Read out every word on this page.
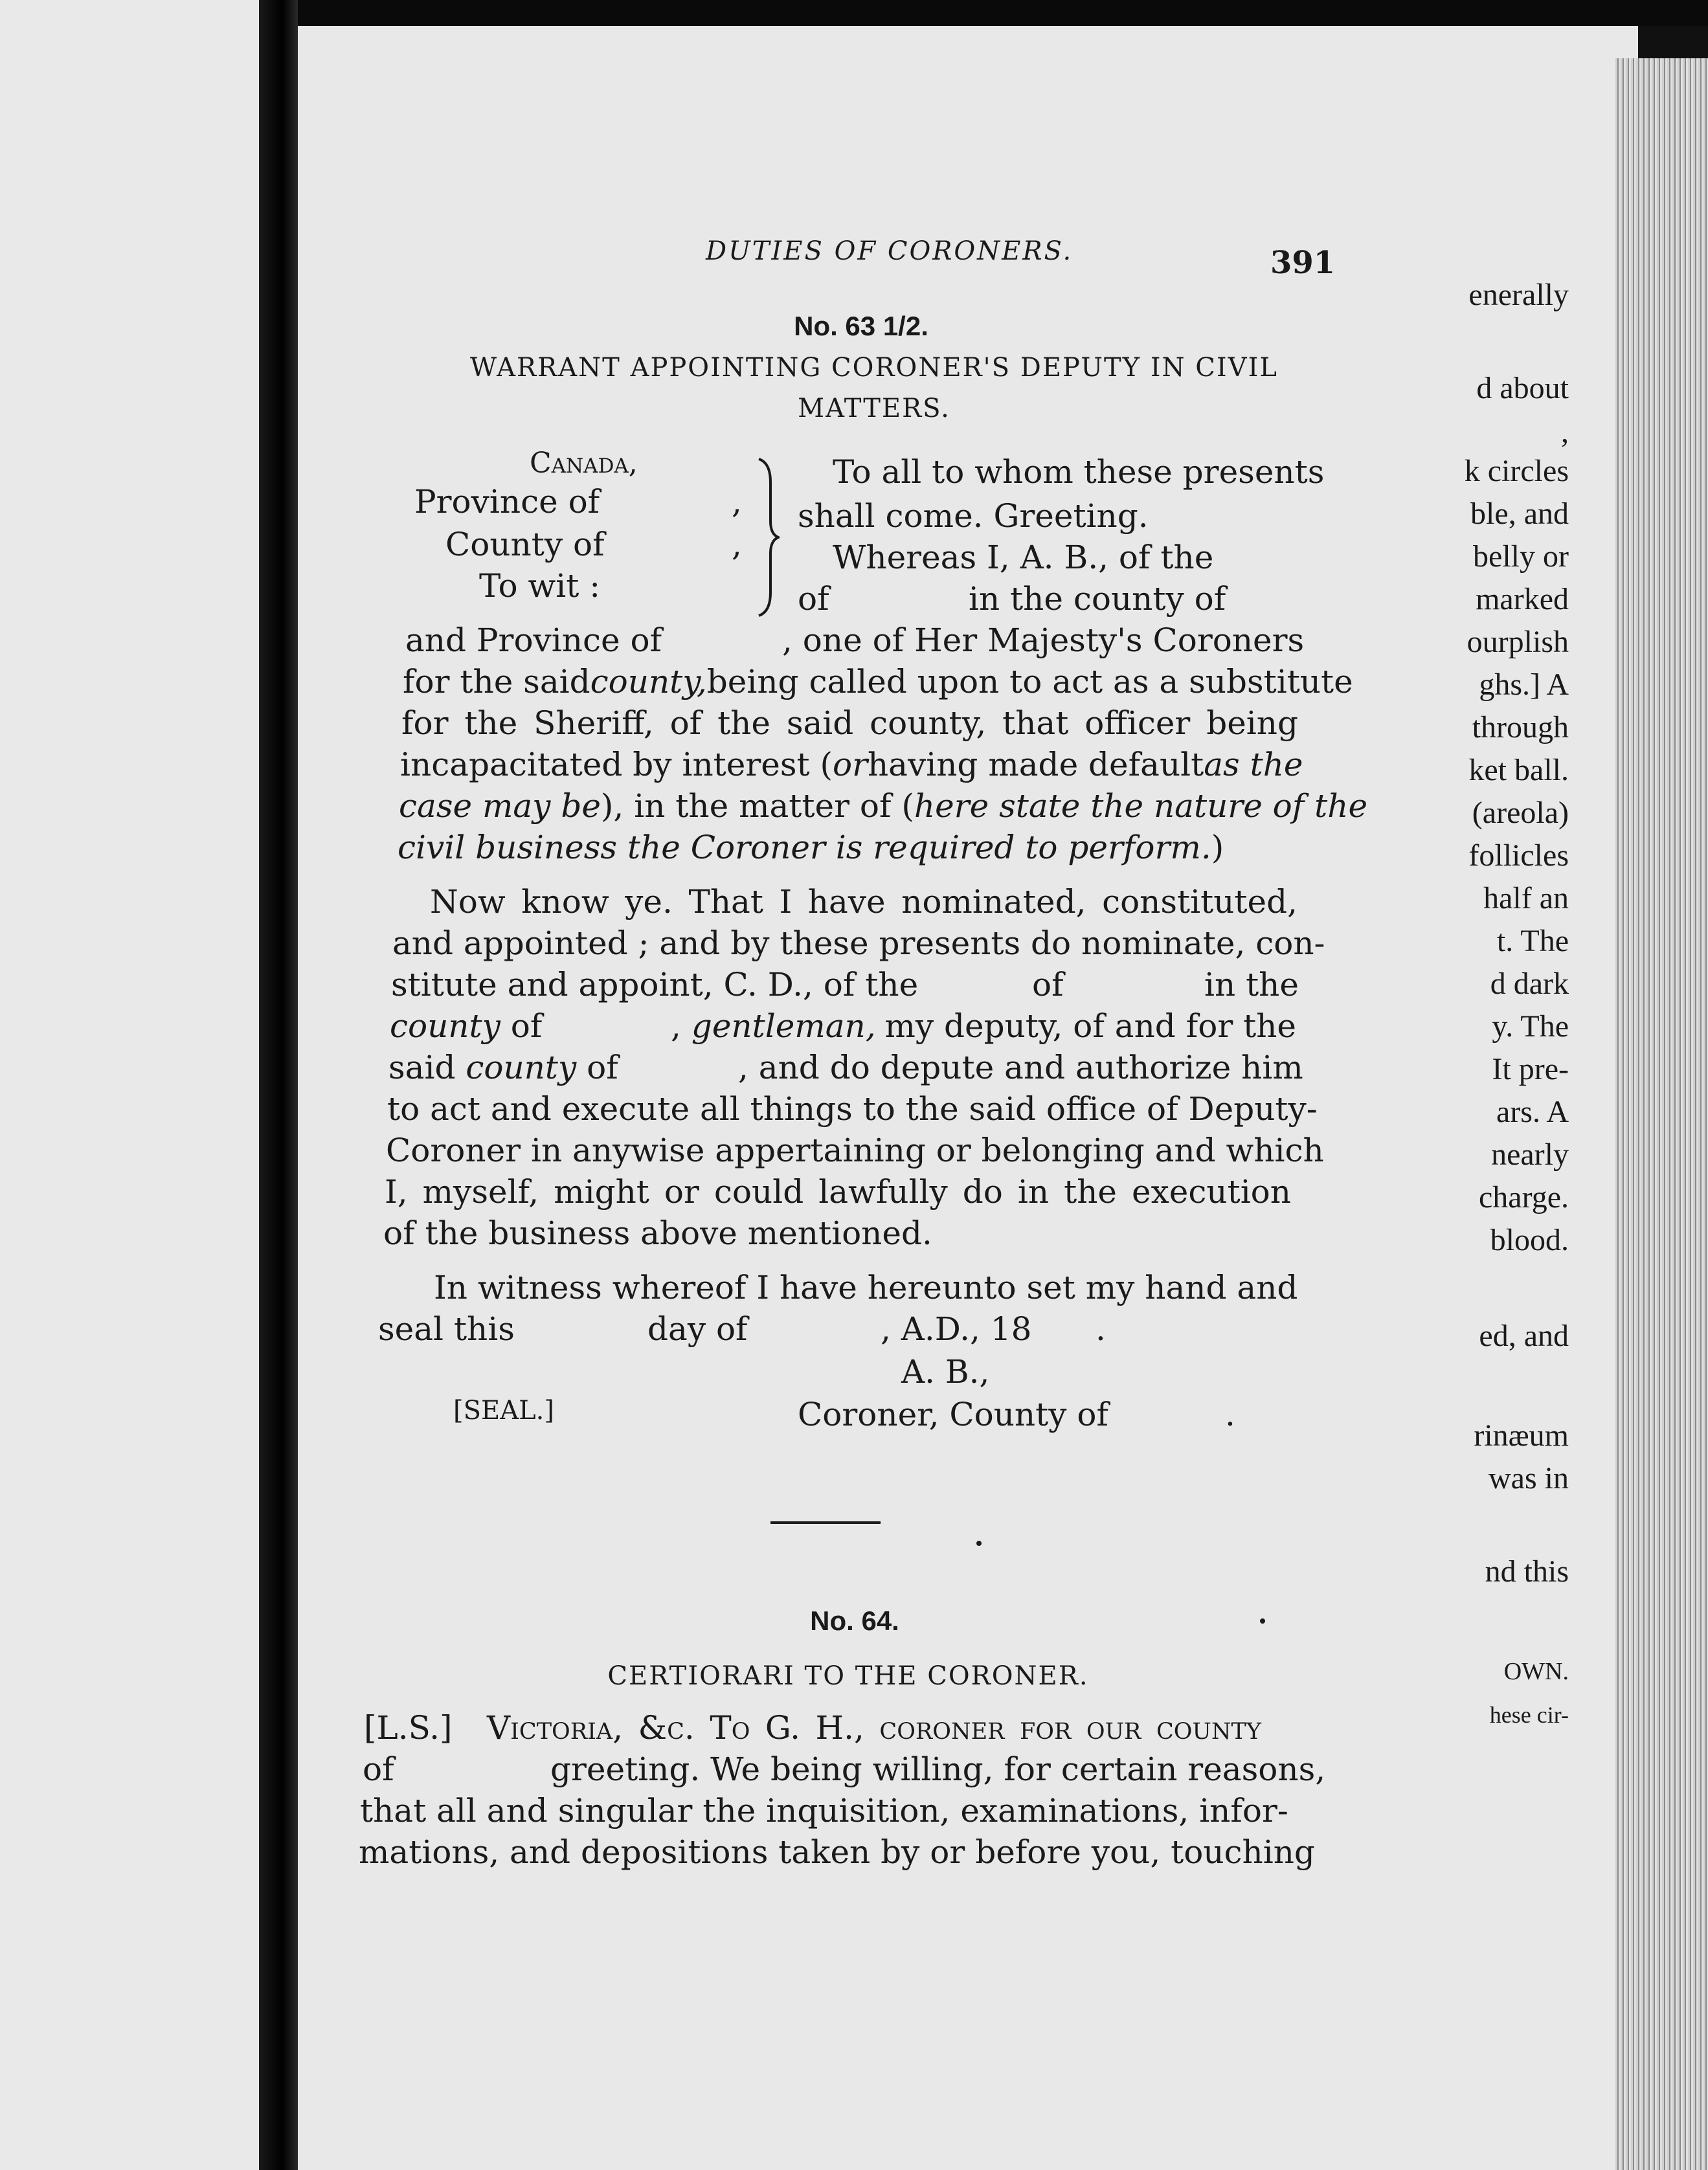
enerally
d about
,
k circles
ble, and
belly or
marked
ourplish
ghs.] A
through
ket ball.
(areola)
follicles
half an
t. The
d dark
y. The
It pre-
ars. A
nearly
charge.
blood.
ed, and
rinæum
was in
nd this
OWN.
hese cir-
DUTIES OF CORONERS.	391
No. 63 1/2.
WARRANT APPOINTING CORONER'S DEPUTY IN CIVIL
MATTERS.
Canada,
Province of	,
County of	,
To wit :
To all to whom these presents
shall come. Greeting.
Whereas I, A. B., of the
of	in the county of
and Province of	, one of Her Majesty's Coroners
for the said county, being called upon to act as a substitute
for the Sheriff, of the said county, that officer being
incapacitated by interest (or having made default as the
case may be), in the matter of ( here state the nature of the
civil business the Coroner is required to perform.)
Now know ye. That I have nominated, constituted,
and appointed ; and by these presents do nominate, con-
stitute and appoint, C. D., of the	of	in the
county of	, gentleman, my deputy, of and for the
said county of	, and do depute and authorize him
to act and execute all things to the said office of Deputy-
Coroner in anywise appertaining or belonging and which
I, myself, might or could lawfully do in the execution
of the business above mentioned.
In witness whereof I have hereunto set my hand and
seal this	day of	, A.D., 18 .
A. B.,
[SEAL.]	Coroner, County of	.
No. 64.
CERTIORARI TO THE CORONER.
[L.S.] Victoria, &c. To G. H., coroner for our county
of	greeting. We being willing, for certain reasons,
that all and singular the inquisition, examinations, infor-
mations, and depositions taken by or before you, touching
